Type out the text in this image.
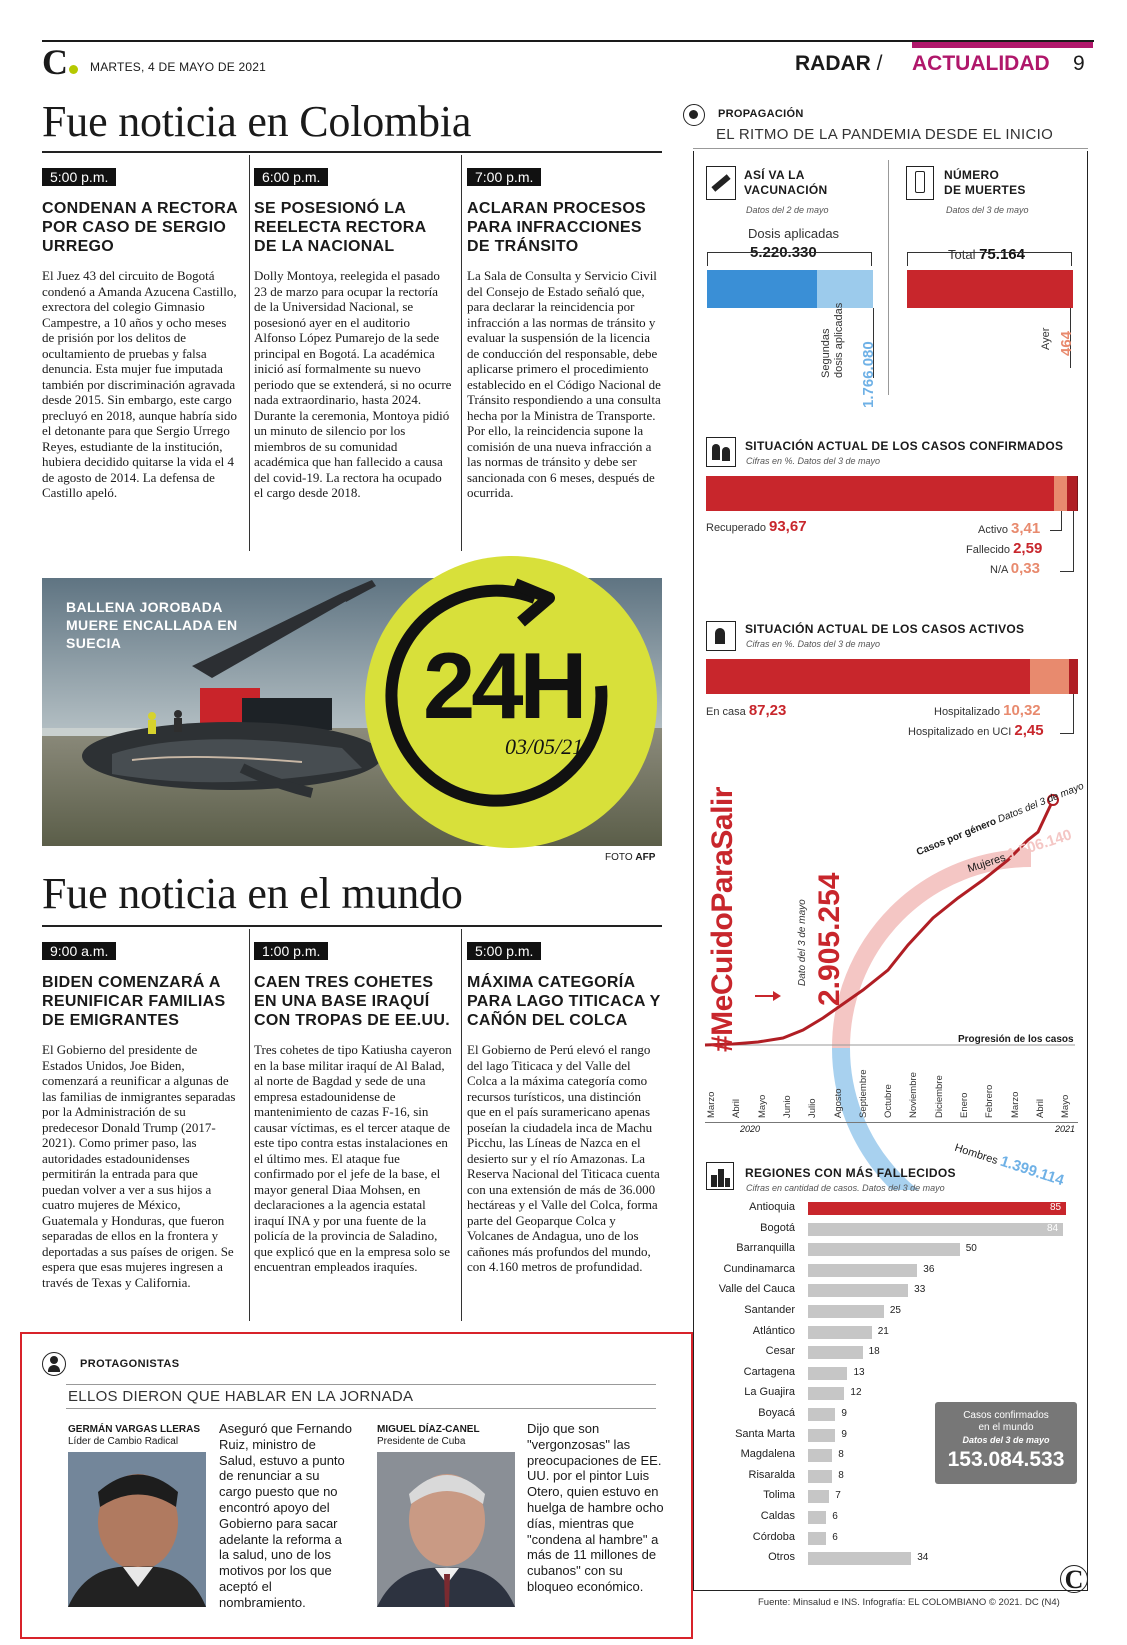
C	MARTES, 4 DE MAYO DE 2021	RADAR / ACTUALIDAD 9
Fue noticia en Colombia
5:00 p.m.
CONDENAN A RECTORA POR CASO DE SERGIO URREGO

El Juez 43 del circuito de Bogotá condenó a Amanda Azucena Castillo, exrectora del colegio Gimnasio Campestre, a 10 años y ocho meses de prisión por los delitos de ocultamiento de pruebas y falsa denuncia. Esta mujer fue imputada también por discriminación agravada desde 2015. Sin embargo, este cargo precluyó en 2018, aunque habría sido el detonante para que Sergio Urrego Reyes, estudiante de la institución, hubiera decidido quitarse la vida el 4 de agosto de 2014. La defensa de Castillo apeló.

6:00 p.m.
SE POSESIONÓ LA REELECTA RECTORA DE LA NACIONAL

Dolly Montoya, reelegida el pasado 23 de marzo para ocupar la rectoría de la Universidad Nacional, se posesionó ayer en el auditorio Alfonso López Pumarejo de la sede principal en Bogotá. La académica inició así formalmente su nuevo periodo que se extenderá, si no ocurre nada extraordinario, hasta 2024. Durante la ceremonia, Montoya pidió un minuto de silencio por los miembros de su comunidad académica que han fallecido a causa del covid-19. La rectora ha ocupado el cargo desde 2018.

7:00 p.m.
ACLARAN PROCESOS PARA INFRACCIONES DE TRÁNSITO

La Sala de Consulta y Servicio Civil del Consejo de Estado señaló que, para declarar la reincidencia por infracción a las normas de tránsito y evaluar la suspensión de la licencia de conducción del responsable, debe aplicarse primero el procedimiento establecido en el Código Nacional de Tránsito respondiendo a una consulta hecha por la Ministra de Transporte. Por ello, la reincidencia supone la comisión de una nueva infracción a las normas de tránsito y debe ser sancionada con 6 meses, después de ocurrida.

BALLENA JOROBADA MUERE ENCALLADA EN SUECIA	24H
03/05/21
FOTO AFP
Fue noticia en el mundo
9:00 a.m.
BIDEN COMENZARÁ A REUNIFICAR FAMILIAS DE EMIGRANTES

El Gobierno del presidente de Estados Unidos, Joe Biden, comenzará a reunificar a algunas de las familias de inmigrantes separadas por la Administración de su predecesor Donald Trump (2017-2021). Como primer paso, las autoridades estadounidenses permitirán la entrada para que puedan volver a ver a sus hijos a cuatro mujeres de México, Guatemala y Honduras, que fueron separadas de ellos en la frontera y deportadas a sus países de origen. Se espera que esas mujeres ingresen a través de Texas y California.

1:00 p.m.
CAEN TRES COHETES EN UNA BASE IRAQUÍ CON TROPAS DE EE.UU.

Tres cohetes de tipo Katiusha cayeron en la base militar iraquí de Al Balad, al norte de Bagdad y sede de una empresa estadounidense de mantenimiento de cazas F-16, sin causar víctimas, es el tercer ataque de este tipo contra estas instalaciones en el último mes. El ataque fue confirmado por el jefe de la base, el mayor general Diaa Mohsen, en declaraciones a la agencia estatal iraquí INA y por una fuente de la policía de la provincia de Saladino, que explicó que en la empresa solo se encuentran empleados iraquíes.

5:00 p.m.
MÁXIMA CATEGORÍA PARA LAGO TITICACA Y CAÑÓN DEL COLCA

El Gobierno de Perú elevó el rango del lago Titicaca y del Valle del Colca a la máxima categoría como recursos turísticos, una distinción que en el país suramericano apenas poseían la ciudadela inca de Machu Picchu, las Líneas de Nazca en el desierto sur y el río Amazonas. La Reserva Nacional del Titicaca cuenta con una extensión de más de 36.000 hectáreas y el Valle del Colca, forma parte del Geoparque Colca y Volcanes de Andagua, uno de los cañones más profundos del mundo, con 4.160 metros de profundidad.

PROTAGONISTAS
ELLOS DIERON QUE HABLAR EN LA JORNADA
GERMÁN VARGAS LLERAS
Líder de Cambio Radical
Aseguró que Fernando Ruiz, ministro de Salud, estuvo a punto de renunciar a su cargo puesto que no encontró apoyo del Gobierno para sacar adelante la reforma a la salud, uno de los motivos por los que aceptó el nombramiento.
MIGUEL DÍAZ-CANEL
Presidente de Cuba
Dijo que son "vergonzosas" las preocupaciones de EE. UU. por el pintor Luis Otero, quien estuvo en huelga de hambre ocho días, mientras que "condena al hambre" a más de 11 millones de cubanos" con su bloqueo económico.
PROPAGACIÓN
EL RITMO DE LA PANDEMIA DESDE EL INICIO
ASÍ VA LA
VACUNACIÓN
Datos del 2 de mayo
Dosis aplicadas
5.220.330
Segundas dosis aplicadas 1.766.080
NÚMERO
DE MUERTES
Datos del 3 de mayo
Total 75.164
Ayer 464
SITUACIÓN ACTUAL DE LOS CASOS CONFIRMADOS
Cifras en %. Datos del 3 de mayo
Recuperado 93,67	Activo 3,41
Fallecido 2,59
N/A 0,33
SITUACIÓN ACTUAL DE LOS CASOS ACTIVOS
Cifras en %. Datos del 3 de mayo
En casa 87,23	Hospitalizado 10,32
Hospitalizado en UCI 2,45
#MeCuidoParaSalir	Dato del 3 de mayo 2.905.254
Casos por género Datos del 3 de mayo
Mujeres 1.506.140
Hombres 1.399.114
Progresión de los casos
Marzo Abril Mayo Junio Julio Agosto Septiembre Octubre Noviembre Diciembre Enero Febrero Marzo Abril Mayo
2020	2021
REGIONES CON MÁS FALLECIDOS
Cifras en cantidad de casos. Datos del 3 de mayo
Antioquia	85
Bogotá	84
Barranquilla	50
Cundinamarca	36
Valle del Cauca	33
Santander	25
Atlántico	21
Cesar	18
Cartagena	13
La Guajira	12
Boyacá	9
Santa Marta	9
Magdalena	8
Risaralda	8
Tolima	7
Caldas	6
Córdoba	6
Otros	34
Casos confirmados
en el mundo
Datos del 3 de mayo
153.084.533
C
Fuente: Minsalud e INS. Infografía: EL COLOMBIANO © 2021. DC (N4)
